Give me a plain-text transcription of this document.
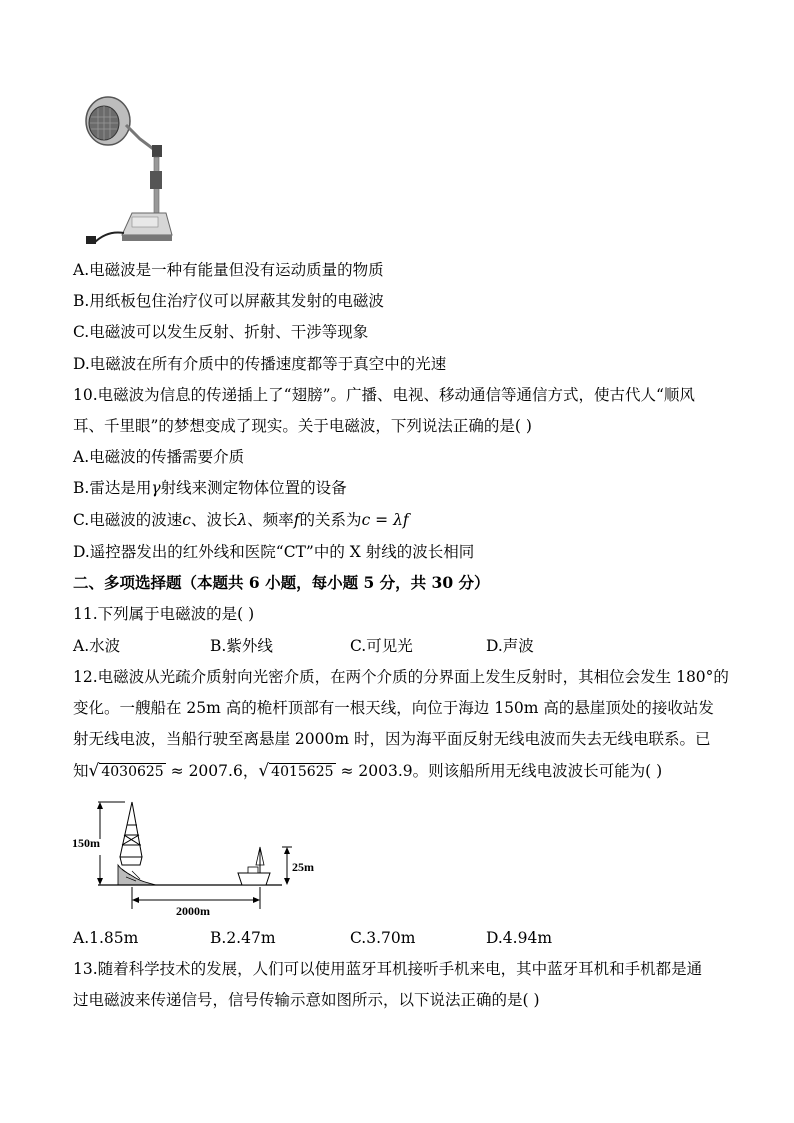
A.电磁波是一种有能量但没有运动质量的物质
B.用纸板包住治疗仪可以屏蔽其发射的电磁波
C.电磁波可以发生反射、折射、干涉等现象
D.电磁波在所有介质中的传播速度都等于真空中的光速
10.电磁波为信息的传递插上了“翅膀”。广播、电视、移动通信等通信方式，使古代人“顺风
耳、千里眼”的梦想变成了现实。关于电磁波，下列说法正确的是( )
A.电磁波的传播需要介质
B.雷达是用γ射线来测定物体位置的设备
C.电磁波的波速c、波长λ、频率f的关系为c = λf
D.遥控器发出的红外线和医院“CT”中的 X 射线的波长相同
二、多项选择题（本题共 6 小题，每小题 5 分，共 30 分）
11.下列属于电磁波的是( )
A.水波	B.紫外线	C.可见光	D.声波
12.电磁波从光疏介质射向光密介质，在两个介质的分界面上发生反射时，其相位会发生 180°的
变化。一艘船在 25m 高的桅杆顶部有一根天线，向位于海边 150m 高的悬崖顶处的接收站发
射无线电波，当船行驶至离悬崖 2000m 时，因为海平面反射无线电波而失去无线电联系。已
知√ 4030625 ≈ 2007.6，√ 4015625 ≈ 2003.9。则该船所用无线电波波长可能为( )
150m
25m
2000m
A.1.85m	B.2.47m	C.3.70m	D.4.94m
13.随着科学技术的发展，人们可以使用蓝牙耳机接听手机来电，其中蓝牙耳机和手机都是通
过电磁波来传递信号，信号传输示意如图所示，以下说法正确的是( )
